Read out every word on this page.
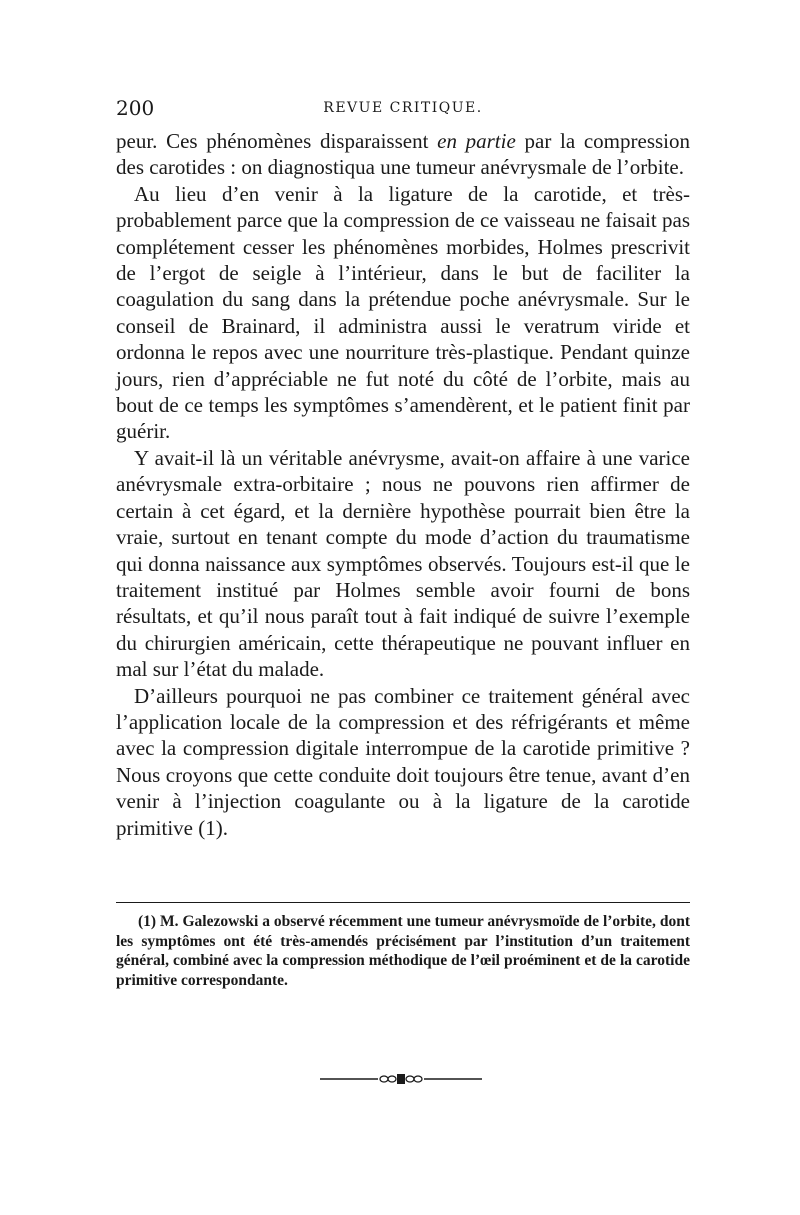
200	REVUE CRITIQUE.

peur. Ces phénomènes disparaissent en partie par la compression des carotides : on diagnostiqua une tumeur anévrysmale de l’orbite.

Au lieu d’en venir à la ligature de la carotide, et très-probablement parce que la compression de ce vaisseau ne faisait pas complétement cesser les phénomènes morbides, Holmes prescrivit de l’ergot de seigle à l’intérieur, dans le but de faciliter la coagulation du sang dans la prétendue poche anévrysmale. Sur le conseil de Brainard, il administra aussi le veratrum viride et ordonna le repos avec une nourriture très-plastique. Pendant quinze jours, rien d’appréciable ne fut noté du côté de l’orbite, mais au bout de ce temps les symptômes s’amendèrent, et le patient finit par guérir.

Y avait-il là un véritable anévrysme, avait-on affaire à une varice anévrysmale extra-orbitaire ; nous ne pouvons rien affirmer de certain à cet égard, et la dernière hypothèse pourrait bien être la vraie, surtout en tenant compte du mode d’action du traumatisme qui donna naissance aux symptômes observés. Toujours est-il que le traitement institué par Holmes semble avoir fourni de bons résultats, et qu’il nous paraît tout à fait indiqué de suivre l’exemple du chirurgien américain, cette thérapeutique ne pouvant influer en mal sur l’état du malade.

D’ailleurs pourquoi ne pas combiner ce traitement général avec l’application locale de la compression et des réfrigérants et même avec la compression digitale interrompue de la carotide primitive ? Nous croyons que cette conduite doit toujours être tenue, avant d’en venir à l’injection coagulante ou à la ligature de la carotide primitive (1).

(1) M. Galezowski a observé récemment une tumeur anévrysmoïde de l’orbite, dont les symptômes ont été très-amendés précisément par l’institution d’un traitement général, combiné avec la compression méthodique de l’œil proéminent et de la carotide primitive correspondante.
